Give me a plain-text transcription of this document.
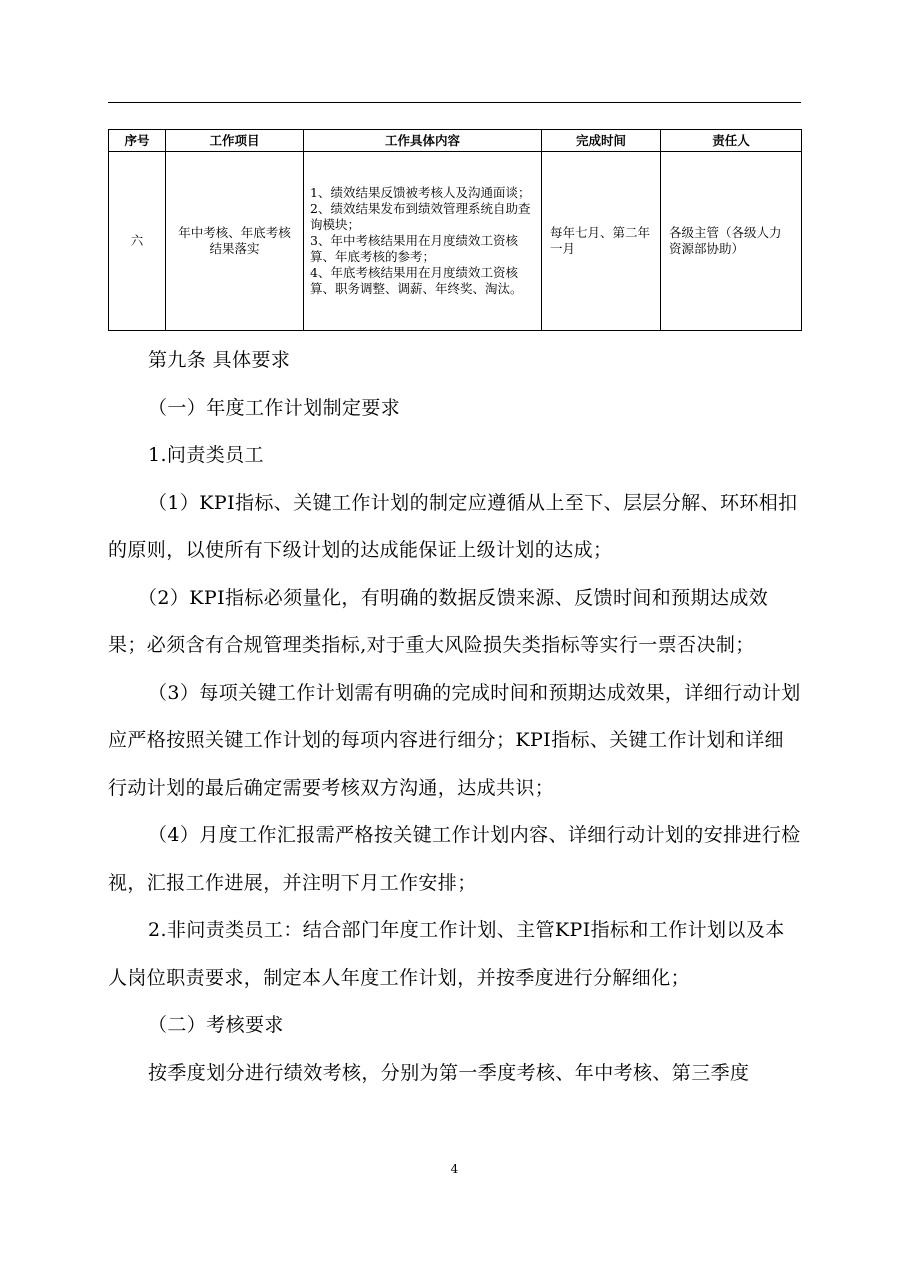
序号	工作项目	工作具体内容	完成时间	责任人
六	年中考核、年底考核结果落实	1、绩效结果反馈被考核人及沟通面谈；
2、绩效结果发布到绩效管理系统自助查询模块；
3、年中考核结果用在月度绩效工资核算、年底考核的参考；
4、年底考核结果用在月度绩效工资核算、职务调整、调薪、年终奖、淘汰。	每年七月、第二年一月	各级主管（各级人力资源部协助）

第九条 具体要求

（一）年度工作计划制定要求

1.问责类员工

（1）KPI指标、关键工作计划的制定应遵循从上至下、层层分解、环环相扣的原则，以使所有下级计划的达成能保证上级计划的达成；

（2）KPI指标必须量化，有明确的数据反馈来源、反馈时间和预期达成效果；必须含有合规管理类指标,对于重大风险损失类指标等实行一票否决制；

（3）每项关键工作计划需有明确的完成时间和预期达成效果，详细行动计划应严格按照关键工作计划的每项内容进行细分；KPI指标、关键工作计划和详细行动计划的最后确定需要考核双方沟通，达成共识；

（4）月度工作汇报需严格按关键工作计划内容、详细行动计划的安排进行检视，汇报工作进展，并注明下月工作安排；

2.非问责类员工：结合部门年度工作计划、主管KPI指标和工作计划以及本人岗位职责要求，制定本人年度工作计划，并按季度进行分解细化；

（二）考核要求

按季度划分进行绩效考核，分别为第一季度考核、年中考核、第三季度

4
